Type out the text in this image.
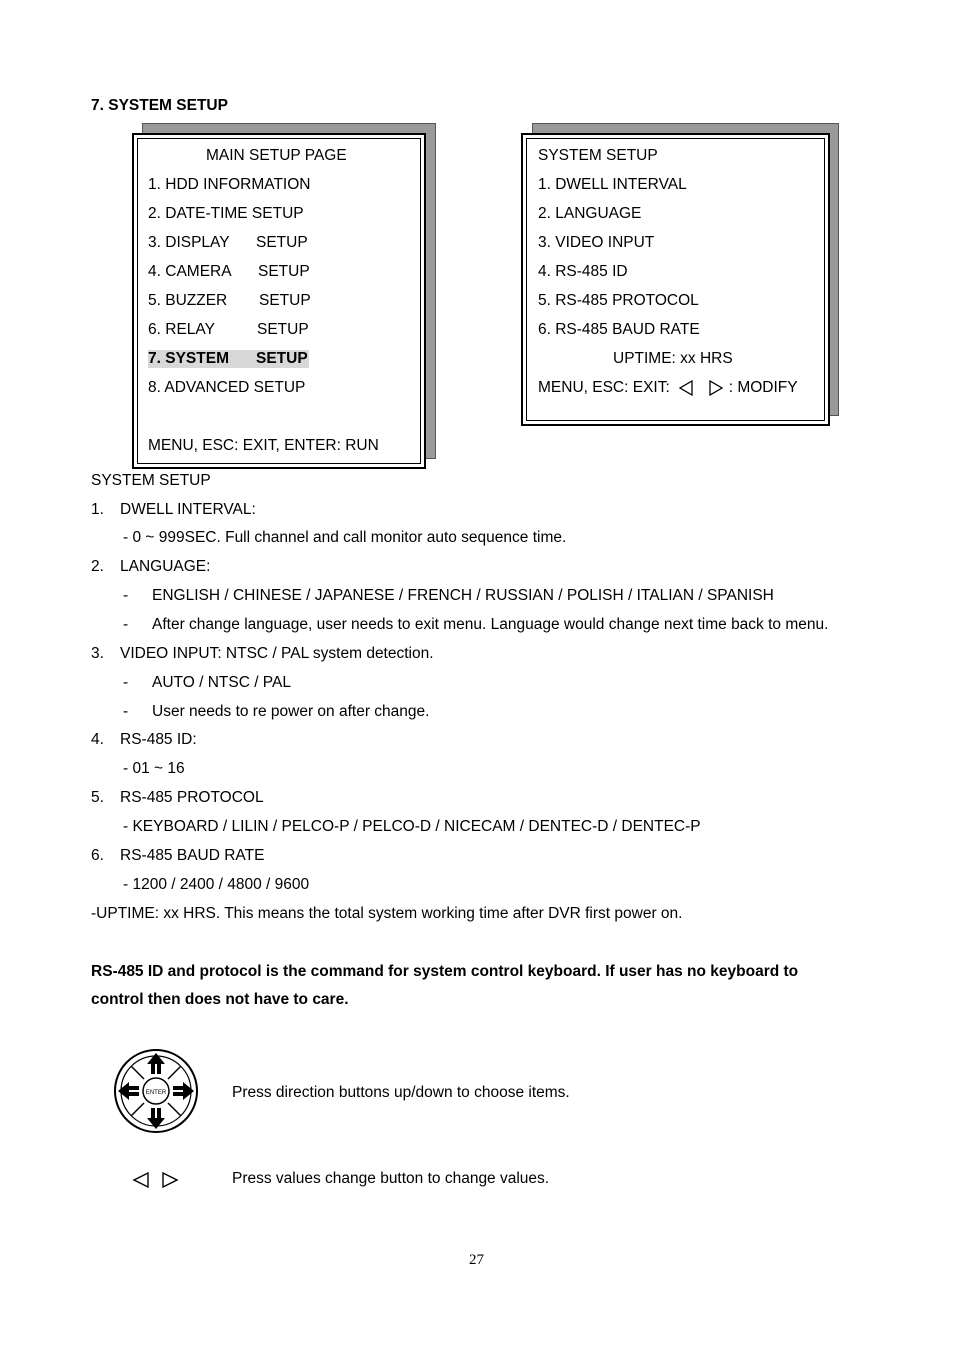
7. SYSTEM SETUP
MAIN SETUP PAGE
1. HDD INFORMATION
2. DATE-TIME SETUP
3. DISPLAY SETUP
4. CAMERA SETUP
5. BUZZER SETUP
6. RELAY	SETUP
7. SYSTEM SETUP
8. ADVANCED SETUP
MENU, ESC: EXIT, ENTER: RUN
SYSTEM SETUP
1. DWELL INTERVAL
2. LANGUAGE
3. VIDEO INPUT
4. RS-485 ID
5. RS-485 PROTOCOL
6. RS-485 BAUD RATE
UPTIME: xx HRS
MENU, ESC: EXIT:	: MODIFY
SYSTEM SETUP
1. DWELL INTERVAL:
- 0 ~ 999SEC. Full channel and call monitor auto sequence time.
2. LANGUAGE:
- ENGLISH / CHINESE / JAPANESE / FRENCH / RUSSIAN / POLISH / ITALIAN / SPANISH
- After change language, user needs to exit menu. Language would change next time back to menu.
3. VIDEO INPUT: NTSC / PAL system detection.
- AUTO / NTSC / PAL
- User needs to re power on after change.
4. RS-485 ID:
- 01 ~ 16
5. RS-485 PROTOCOL
- KEYBOARD / LILIN / PELCO-P / PELCO-D / NICECAM / DENTEC-D / DENTEC-P
6. RS-485 BAUD RATE
- 1200 / 2400 / 4800 / 9600
-UPTIME: xx HRS. This means the total system working time after DVR first power on.
RS-485 ID and protocol is the command for system control keyboard. If user has no keyboard to
control then does not have to care.
ENTER	Press direction buttons up/down to choose items.
Press values change button to change values.
27
